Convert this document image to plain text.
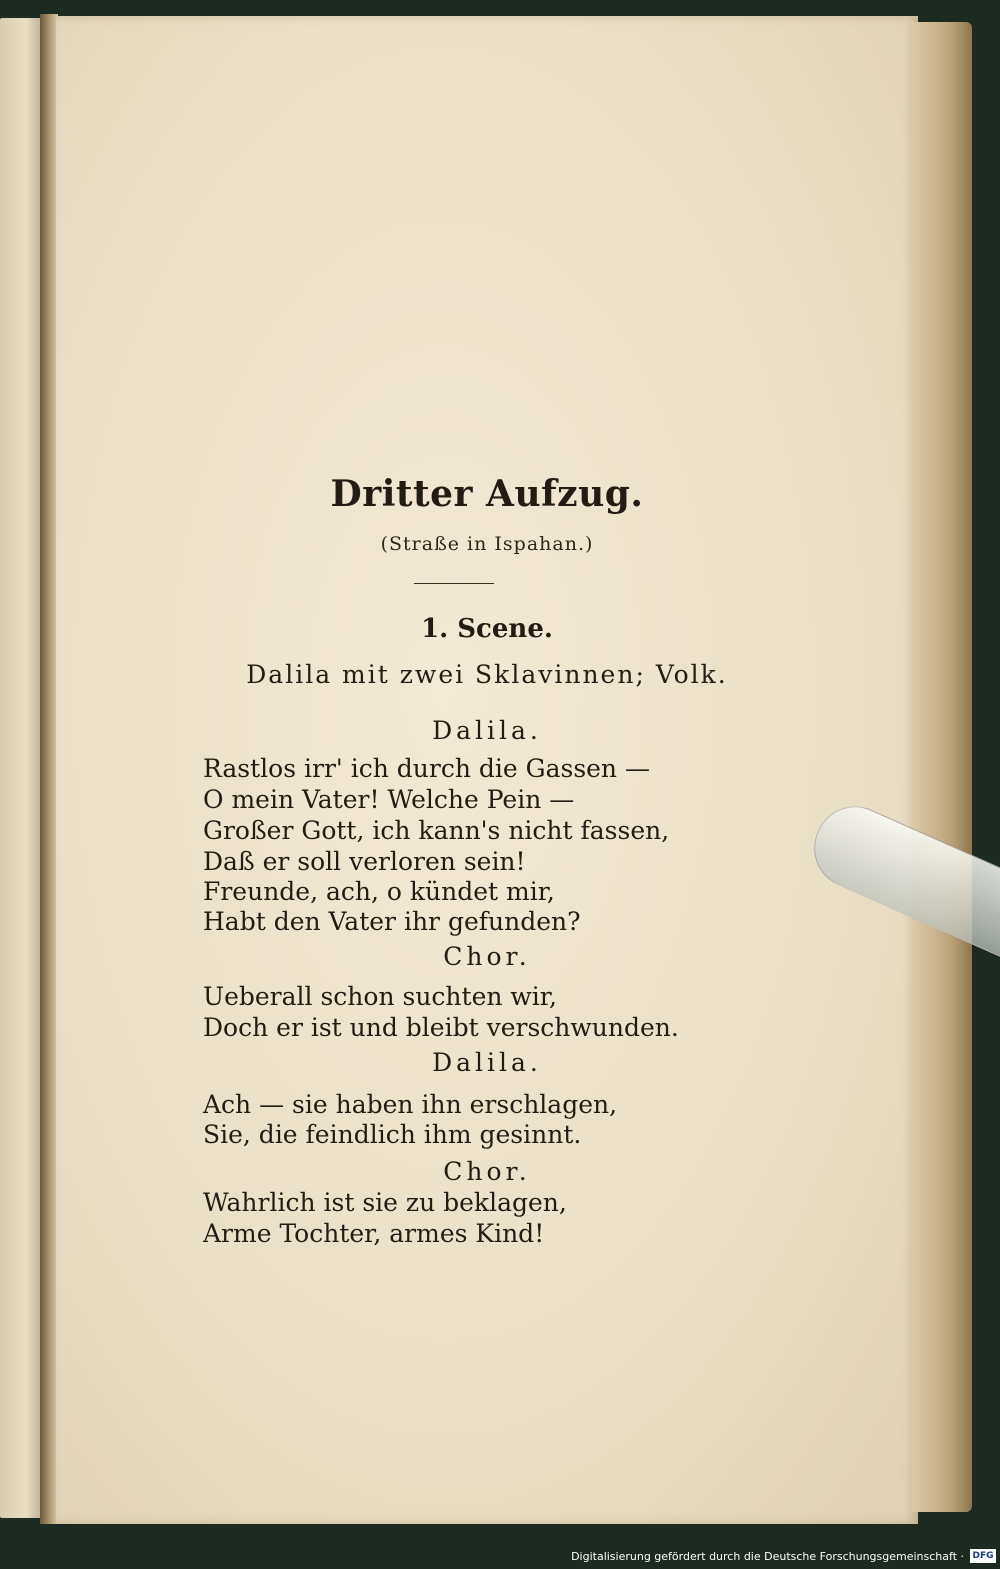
Dritter Aufzug.
(Straße in Ispahan.)
1. Scene.
Dalila mit zwei Sklavinnen; Volk.
Dalila.
Rastlos irr' ich durch die Gassen —
O mein Vater! Welche Pein —
Großer Gott, ich kann's nicht fassen,
Daß er soll verloren sein!
Freunde, ach, o kündet mir,
Habt den Vater ihr gefunden?
Chor.
Ueberall schon suchten wir,
Doch er ist und bleibt verschwunden.
Dalila.
Ach — sie haben ihn erschlagen,
Sie, die feindlich ihm gesinnt.
Chor.
Wahrlich ist sie zu beklagen,
Arme Tochter, armes Kind!
Digitalisierung gefördert durch die Deutsche Forschungsgemeinschaft · DFG
